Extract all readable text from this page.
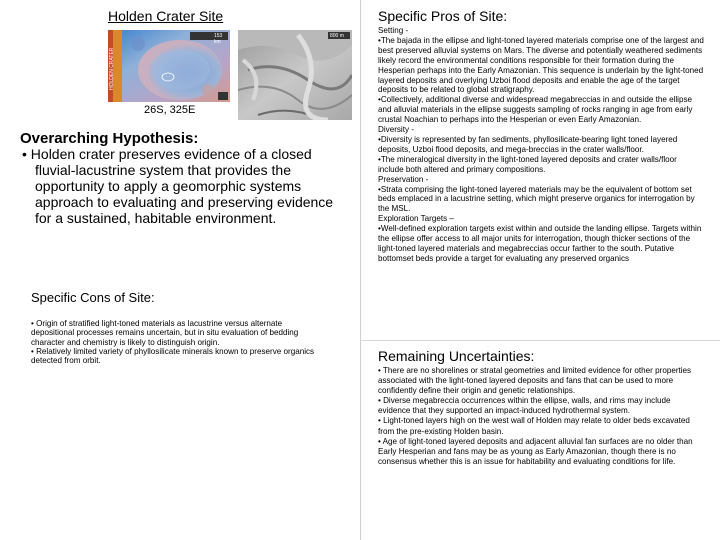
Holden Crater Site
153 km
HOLDEN CRATER
800 m
26S, 325E
Overarching Hypothesis:
• Holden crater preserves evidence of a closed fluvial-lacustrine system that provides the opportunity to apply a geomorphic systems approach to evaluating and preserving evidence for a sustained, habitable environment.
Specific Cons of Site:
• Origin of stratified light-toned materials as lacustrine versus alternate depositional processes remains uncertain, but in situ evaluation of bedding character and chemistry is likely to distinguish origin.
• Relatively limited variety of phyllosilicate minerals known to preserve organics detected from orbit.
Specific Pros of Site:
Setting -
•The bajada in the ellipse and light-toned layered materials comprise one of the largest and best preserved alluvial systems on Mars. The diverse and potentially weathered sediments likely record the environmental conditions responsible for their formation during the Hesperian perhaps into the Early Amazonian. This sequence is underlain by the light-toned layered deposits and overlying Uzboi flood deposits and enable the age of the target deposits to be related to global stratigraphy.
•Collectively, additional diverse and widespread megabreccias in and outside the ellipse and alluvial materials in the ellipse suggests sampling of rocks ranging in age from early crustal Noachian to perhaps into the Hesperian or even Early Amazonian.
Diversity -
•Diversity is represented by fan sediments, phyllosilicate-bearing light toned layered deposits, Uzboi flood deposits, and mega-breccias in the crater walls/floor.
•The mineralogical diversity in the light-toned layered deposits and crater walls/floor include both altered and primary compositions.
Preservation -
•Strata comprising the light-toned layered materials may be the equivalent of bottom set beds emplaced in a lacustrine setting, which might preserve organics for interrogation by the MSL.
Exploration Targets –
•Well-defined exploration targets exist within and outside the landing ellipse. Targets within the ellipse offer access to all major units for interrogation, though thicker sections of the light-toned layered materials and megabreccias occur farther to the south. Putative bottomset beds provide a target for evaluating any preserved organics
Remaining Uncertainties:
• There are no shorelines or stratal geometries and limited evidence for other properties associated with the light-toned layered deposits and fans that can be used to more confidently define their origin and genetic relationships.
• Diverse megabreccia occurrences within the ellipse, walls, and rims may include evidence that they supported an impact-induced hydrothermal system.
• Light-toned layers high on the west wall of Holden may relate to older beds excavated from the pre-existing Holden basin.
• Age of light-toned layered deposits and adjacent alluvial fan surfaces are no older than Early Hesperian and fans may be as young as Early Amazonian, though there is no consensus whether this is an issue for habitability and evaluating conditions for life.
